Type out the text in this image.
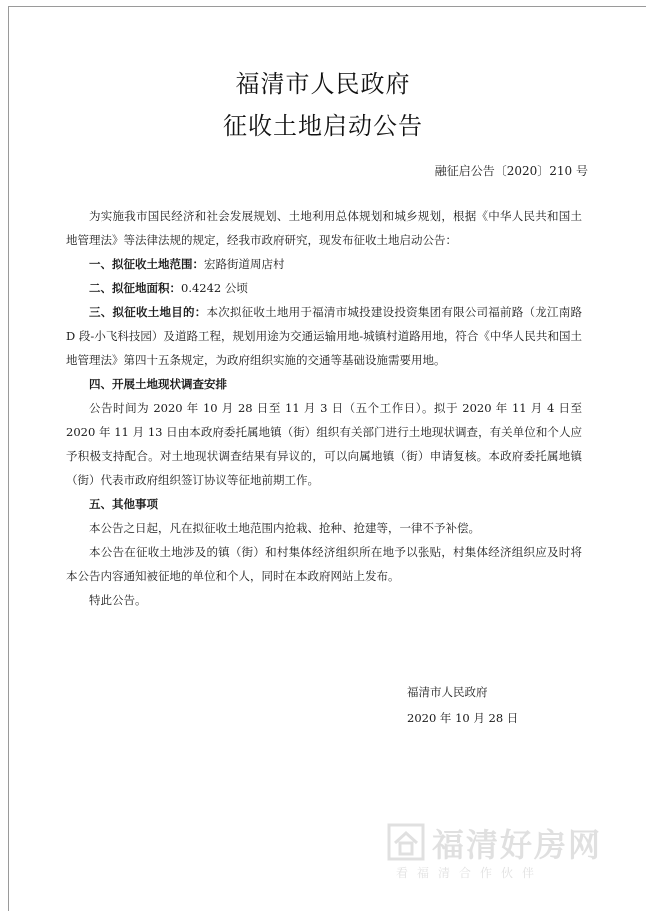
福清市人民政府
征收土地启动公告
融征启公告〔2020〕210 号
为实施我市国民经济和社会发展规划、土地利用总体规划和城乡规划，根据《中华人民共和国土地管理法》等法律法规的规定，经我市政府研究，现发布征收土地启动公告：
一、拟征收土地范围：宏路街道周店村
二、拟征地面积：0.4242 公顷
三、拟征收土地目的：本次拟征收土地用于福清市城投建设投资集团有限公司福前路（龙江南路 D 段-小飞科技园）及道路工程，规划用途为交通运输用地-城镇村道路用地，符合《中华人民共和国土地管理法》第四十五条规定，为政府组织实施的交通等基础设施需要用地。
四、开展土地现状调查安排
公告时间为 2020 年 10 月 28 日至 11 月 3 日（五个工作日）。拟于 2020 年 11 月 4 日至 2020 年 11 月 13 日由本政府委托属地镇（街）组织有关部门进行土地现状调查，有关单位和个人应予积极支持配合。对土地现状调查结果有异议的，可以向属地镇（街）申请复核。本政府委托属地镇（街）代表市政府组织签订协议等征地前期工作。
五、其他事项
本公告之日起，凡在拟征收土地范围内抢栽、抢种、抢建等，一律不予补偿。
本公告在征收土地涉及的镇（街）和村集体经济组织所在地予以张贴，村集体经济组织应及时将本公告内容通知被征地的单位和个人，同时在本政府网站上发布。
特此公告。
福清市人民政府
2020 年 10 月 28 日
福清好房网
看福清合作伙伴
